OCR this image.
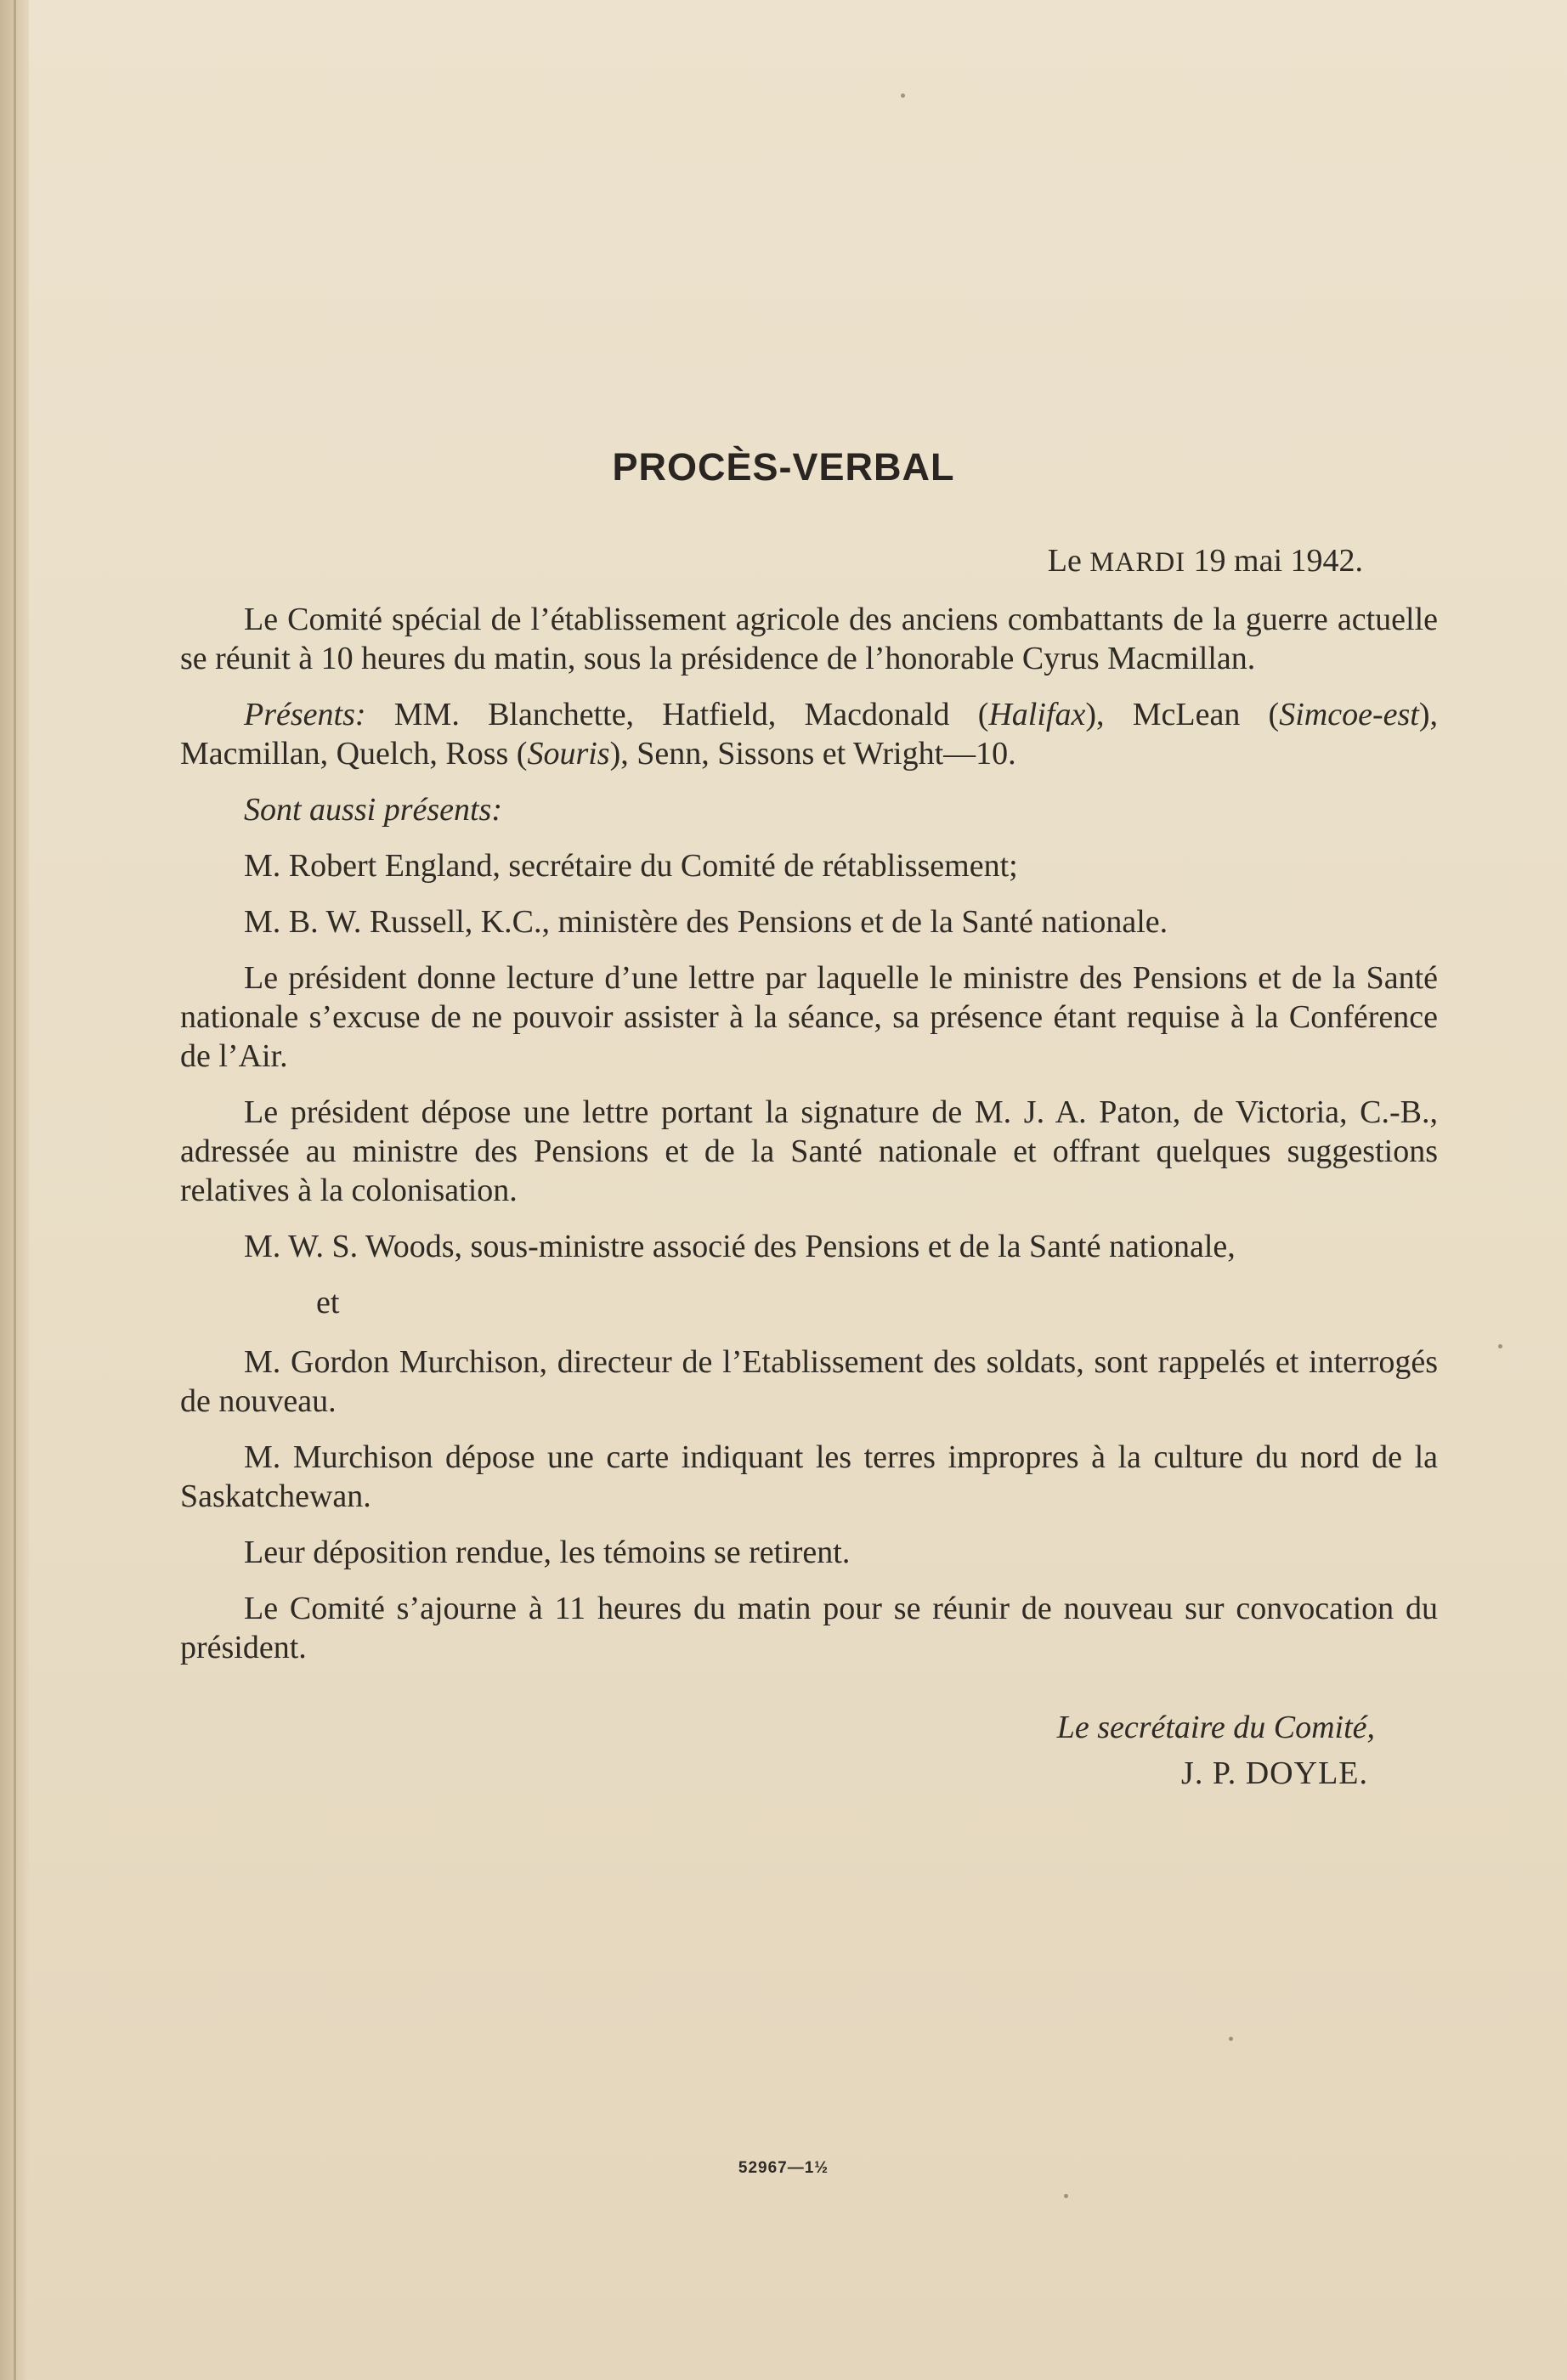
PROCÈS-VERBAL
Le MARDI 19 mai 1942.

Le Comité spécial de l’établissement agricole des anciens combattants de la guerre actuelle se réunit à 10 heures du matin, sous la présidence de l’honorable Cyrus Macmillan.

Présents: MM. Blanchette, Hatfield, Macdonald (Halifax), McLean (Simcoe-est), Macmillan, Quelch, Ross (Souris), Senn, Sissons et Wright—10.

Sont aussi présents:

M. Robert England, secrétaire du Comité de rétablissement;

M. B. W. Russell, K.C., ministère des Pensions et de la Santé nationale.

Le président donne lecture d’une lettre par laquelle le ministre des Pensions et de la Santé nationale s’excuse de ne pouvoir assister à la séance, sa présence étant requise à la Conférence de l’Air.

Le président dépose une lettre portant la signature de M. J. A. Paton, de Victoria, C.-B., adressée au ministre des Pensions et de la Santé nationale et offrant quelques suggestions relatives à la colonisation.

M. W. S. Woods, sous-ministre associé des Pensions et de la Santé nationale,

et

M. Gordon Murchison, directeur de l’Etablissement des soldats, sont rappelés et interrogés de nouveau.

M. Murchison dépose une carte indiquant les terres impropres à la culture du nord de la Saskatchewan.

Leur déposition rendue, les témoins se retirent.

Le Comité s’ajourne à 11 heures du matin pour se réunir de nouveau sur convocation du président.

Le secrétaire du Comité,
J. P. DOYLE.
52967—1½
